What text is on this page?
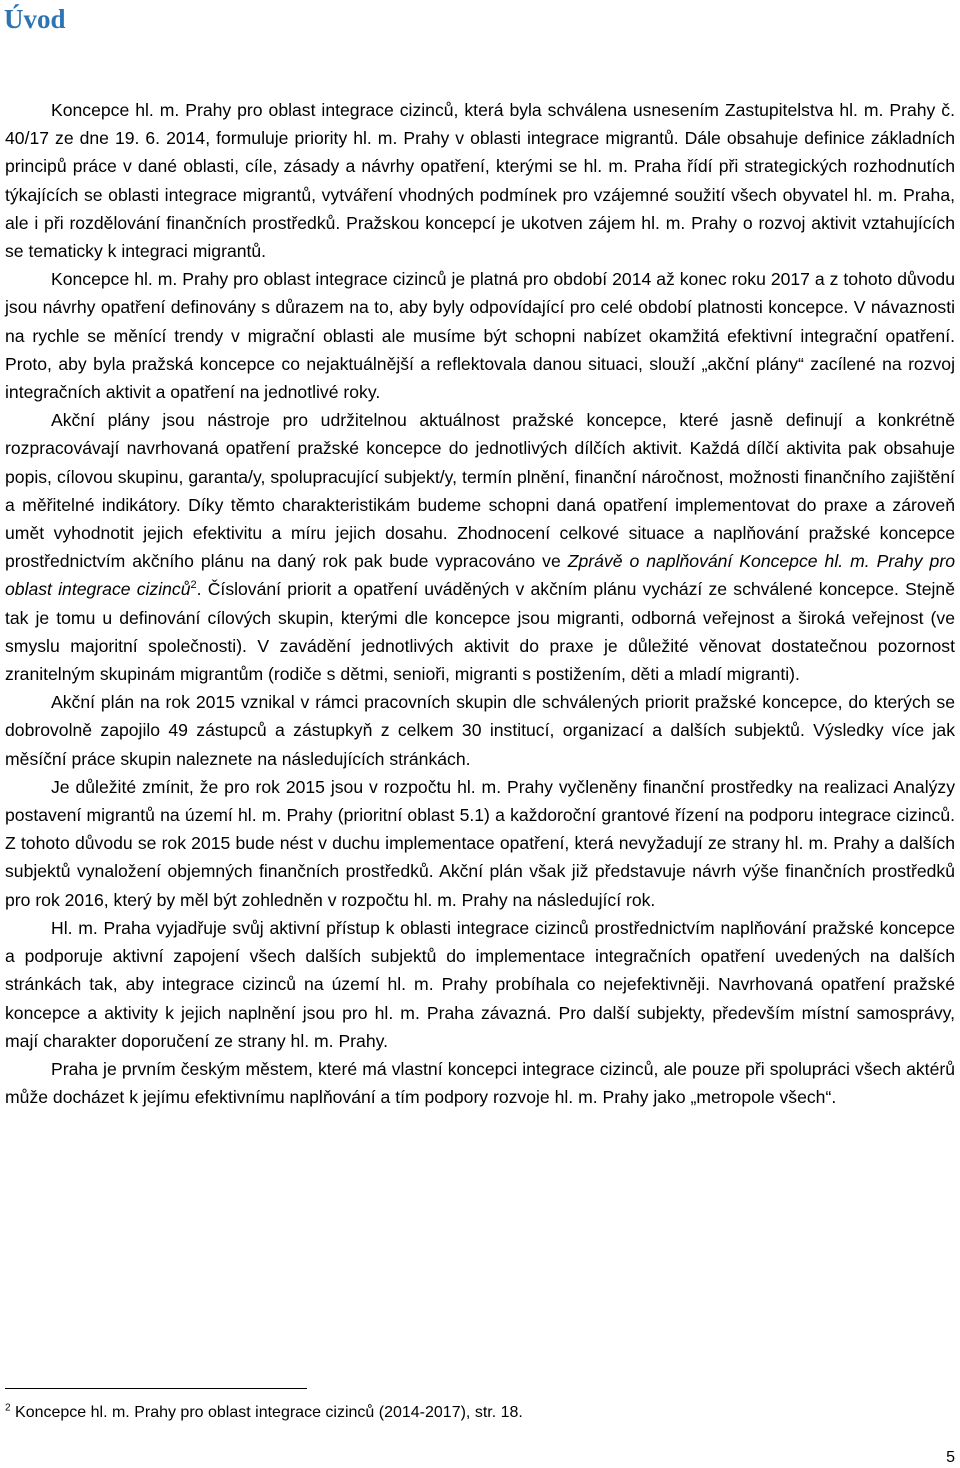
Úvod

Koncepce hl. m. Prahy pro oblast integrace cizinců, která byla schválena usnesením Zastupitelstva hl. m. Prahy č. 40/17 ze dne 19. 6. 2014, formuluje priority hl. m. Prahy v oblasti integrace migrantů. Dále obsahuje definice základních principů práce v dané oblasti, cíle, zásady a návrhy opatření, kterými se hl. m. Praha řídí při strategických rozhodnutích týkajících se oblasti integrace migrantů, vytváření vhodných podmínek pro vzájemné soužití všech obyvatel hl. m. Praha, ale i při rozdělování finančních prostředků. Pražskou koncepcí je ukotven zájem hl. m. Prahy o rozvoj aktivit vztahujících se tematicky k integraci migrantů.

Koncepce hl. m. Prahy pro oblast integrace cizinců je platná pro období 2014 až konec roku 2017 a z tohoto důvodu jsou návrhy opatření definovány s důrazem na to, aby byly odpovídající pro celé období platnosti koncepce. V návaznosti na rychle se měnící trendy v migrační oblasti ale musíme být schopni nabízet okamžitá efektivní integrační opatření. Proto, aby byla pražská koncepce co nejaktuálnější a reflektovala danou situaci, slouží „akční plány“ zacílené na rozvoj integračních aktivit a opatření na jednotlivé roky.

Akční plány jsou nástroje pro udržitelnou aktuálnost pražské koncepce, které jasně definují a konkrétně rozpracovávají navrhovaná opatření pražské koncepce do jednotlivých dílčích aktivit. Každá dílčí aktivita pak obsahuje popis, cílovou skupinu, garanta/y, spolupracující subjekt/y, termín plnění, finanční náročnost, možnosti finančního zajištění a měřitelné indikátory. Díky těmto charakteristikám budeme schopni daná opatření implementovat do praxe a zároveň umět vyhodnotit jejich efektivitu a míru jejich dosahu. Zhodnocení celkové situace a naplňování pražské koncepce prostřednictvím akčního plánu na daný rok pak bude vypracováno ve Zprávě o naplňování Koncepce hl. m. Prahy pro oblast integrace cizinců$^2$. Číslování priorit a opatření uváděných v akčním plánu vychází ze schválené koncepce. Stejně tak je tomu u definování cílových skupin, kterými dle koncepce jsou migranti, odborná veřejnost a široká veřejnost (ve smyslu majoritní společnosti). V zavádění jednotlivých aktivit do praxe je důležité věnovat dostatečnou pozornost zranitelným skupinám migrantům (rodiče s dětmi, senioři, migranti s postižením, děti a mladí migranti).

Akční plán na rok 2015 vznikal v rámci pracovních skupin dle schválených priorit pražské koncepce, do kterých se dobrovolně zapojilo 49 zástupců a zástupkyň z celkem 30 institucí, organizací a dalších subjektů. Výsledky více jak měsíční práce skupin naleznete na následujících stránkách.

Je důležité zmínit, že pro rok 2015 jsou v rozpočtu hl. m. Prahy vyčleněny finanční prostředky na realizaci Analýzy postavení migrantů na území hl. m. Prahy (prioritní oblast 5.1) a každoroční grantové řízení na podporu integrace cizinců. Z tohoto důvodu se rok 2015 bude nést v duchu implementace opatření, která nevyžadují ze strany hl. m. Prahy a dalších subjektů vynaložení objemných finančních prostředků. Akční plán však již představuje návrh výše finančních prostředků pro rok 2016, který by měl být zohledněn v rozpočtu hl. m. Prahy na následující rok.

Hl. m. Praha vyjadřuje svůj aktivní přístup k oblasti integrace cizinců prostřednictvím naplňování pražské koncepce a podporuje aktivní zapojení všech dalších subjektů do implementace integračních opatření uvedených na dalších stránkách tak, aby integrace cizinců na území hl. m. Prahy probíhala co nejefektivněji. Navrhovaná opatření pražské koncepce a aktivity k jejich naplnění jsou pro hl. m. Praha závazná. Pro další subjekty, především místní samosprávy, mají charakter doporučení ze strany hl. m. Prahy.

Praha je prvním českým městem, které má vlastní koncepci integrace cizinců, ale pouze při spolupráci všech aktérů může docházet k jejímu efektivnímu naplňování a tím podpory rozvoje hl. m. Prahy jako „metropole všech“.

$^2$ Koncepce hl. m. Prahy pro oblast integrace cizinců (2014-2017), str. 18.
5
